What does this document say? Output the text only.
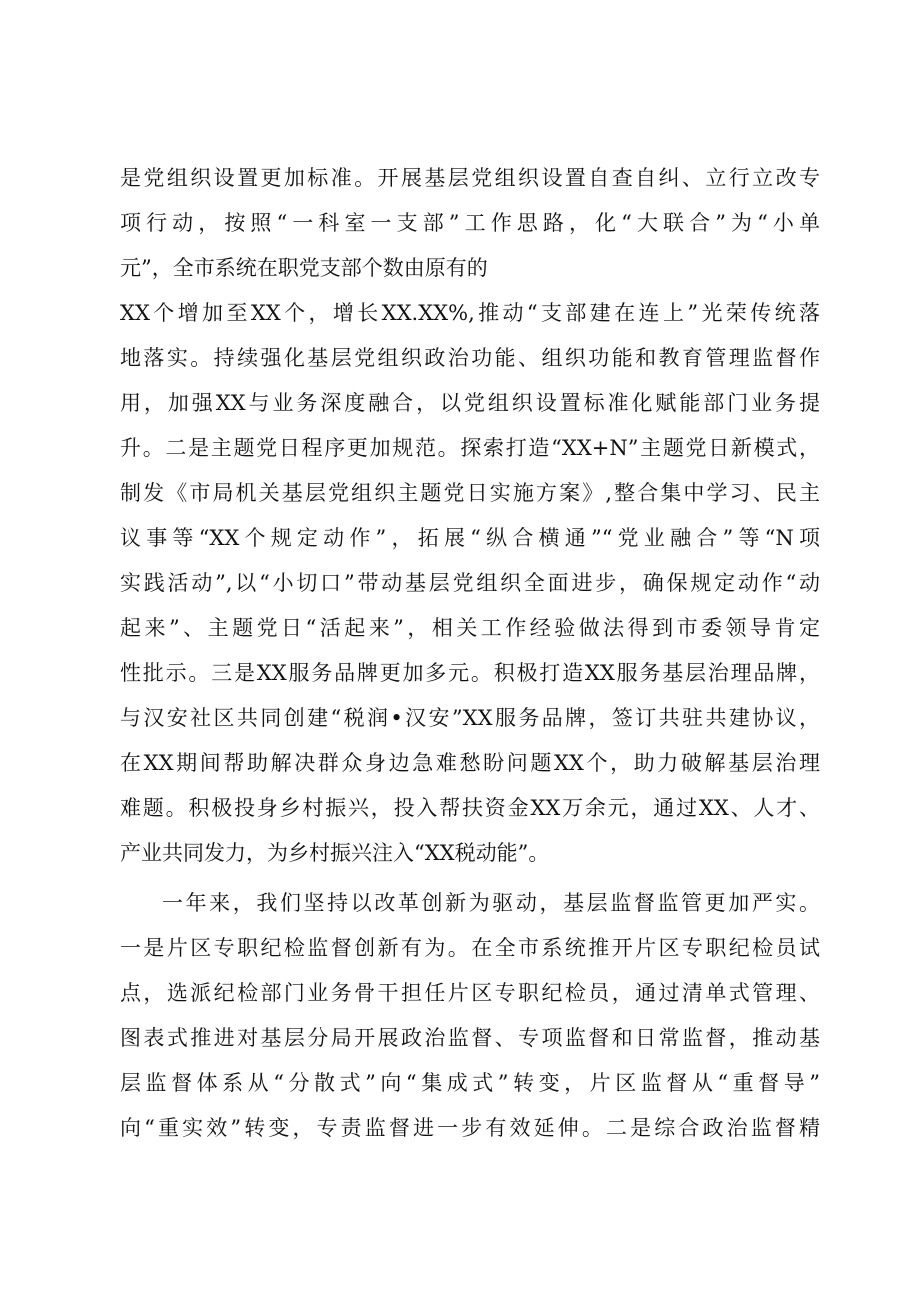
是党组织设置更加标准。开展基层党组织设置自查自纠、立行立改专
项行动，按照“一科室一支部”工作思路，化“大联合”为“小单
元”，全市系统在职党支部个数由原有的
XX个增加至XX个，增长XX.XX%,推动“支部建在连上”光荣传统落
地落实。持续强化基层党组织政治功能、组织功能和教育管理监督作
用，加强XX与业务深度融合，以党组织设置标准化赋能部门业务提
升。二是主题党日程序更加规范。探索打造“XX+N”主题党日新模式，
制发《市局机关基层党组织主题党日实施方案》,整合集中学习、民主
议事等“XX个规定动作”，拓展“纵合横通”“党业融合”等“N项
实践活动”,以“小切口”带动基层党组织全面进步，确保规定动作“动
起来”、主题党日“活起来”，相关工作经验做法得到市委领导肯定
性批示。三是XX服务品牌更加多元。积极打造XX服务基层治理品牌，
与汉安社区共同创建“税润•汉安”XX服务品牌，签订共驻共建协议，
在XX期间帮助解决群众身边急难愁盼问题XX个，助力破解基层治理
难题。积极投身乡村振兴，投入帮扶资金XX万余元，通过XX、人才、
产业共同发力，为乡村振兴注入“XX税动能”。
一年来，我们坚持以改革创新为驱动，基层监督监管更加严实。
一是片区专职纪检监督创新有为。在全市系统推开片区专职纪检员试
点，选派纪检部门业务骨干担任片区专职纪检员，通过清单式管理、
图表式推进对基层分局开展政治监督、专项监督和日常监督，推动基
层监督体系从“分散式”向“集成式”转变，片区监督从“重督导”
向“重实效”转变，专责监督进一步有效延伸。二是综合政治监督精
